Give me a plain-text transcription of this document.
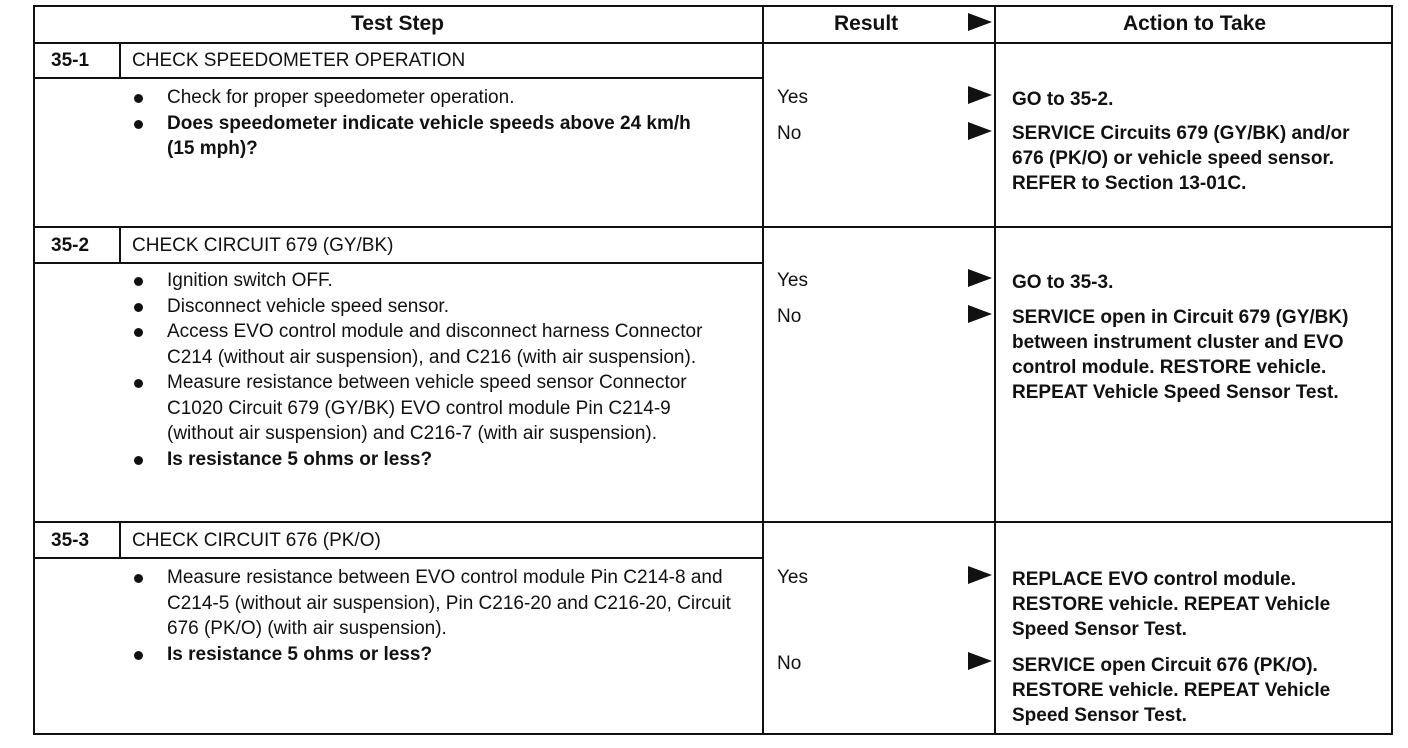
Test Step	Result	Action to Take
35-1 CHECK SPEEDOMETER OPERATION
Check for proper speedometer operation.
Does speedometer indicate vehicle speeds above 24 km/h (15 mph)?
Yes
No
GO to 35-2.
SERVICE Circuits 679 (GY/BK) and/or 676 (PK/O) or vehicle speed sensor. REFER to Section 13-01C.
35-2 CHECK CIRCUIT 679 (GY/BK)
Ignition switch OFF.
Disconnect vehicle speed sensor.
Access EVO control module and disconnect harness Connector C214 (without air suspension), and C216 (with air suspension).
Measure resistance between vehicle speed sensor Connector C1020 Circuit 679 (GY/BK) EVO control module Pin C214-9 (without air suspension) and C216-7 (with air suspension).
Is resistance 5 ohms or less?
Yes
No
GO to 35-3.
SERVICE open in Circuit 679 (GY/BK) between instrument cluster and EVO control module. RESTORE vehicle. REPEAT Vehicle Speed Sensor Test.
35-3 CHECK CIRCUIT 676 (PK/O)
Measure resistance between EVO control module Pin C214-8 and C214-5 (without air suspension), Pin C216-20 and C216-20, Circuit 676 (PK/O) (with air suspension).
Is resistance 5 ohms or less?
Yes
No
REPLACE EVO control module. RESTORE vehicle. REPEAT Vehicle Speed Sensor Test.
SERVICE open Circuit 676 (PK/O). RESTORE vehicle. REPEAT Vehicle Speed Sensor Test.
